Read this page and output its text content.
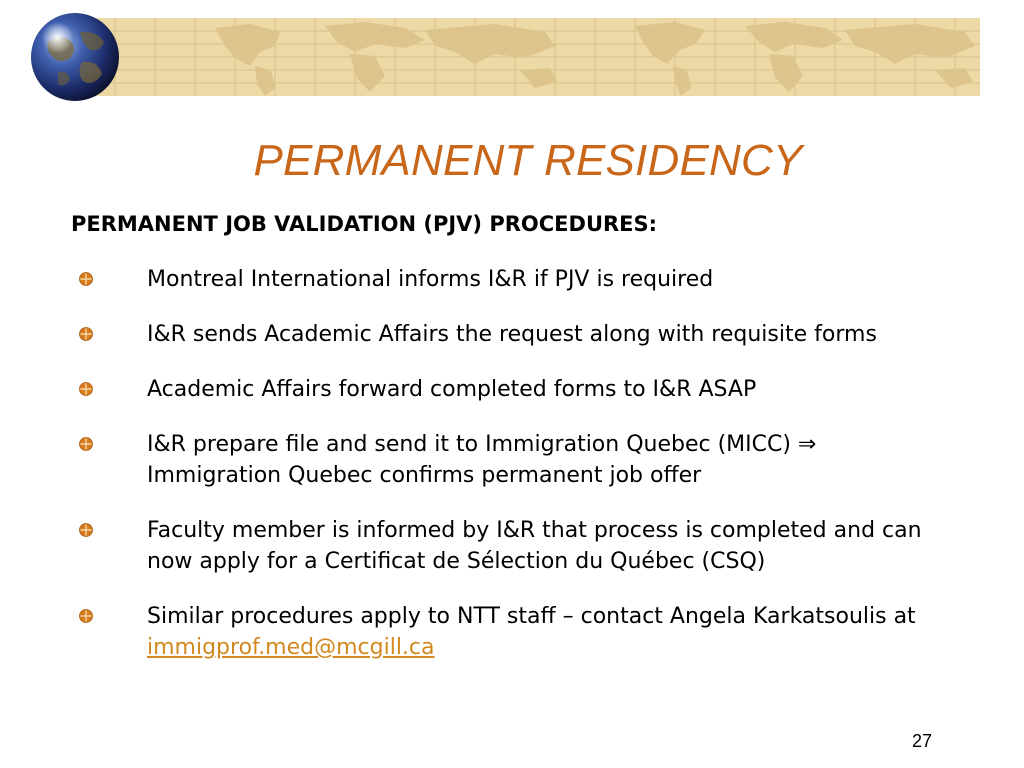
PERMANENT RESIDENCY
PERMANENT JOB VALIDATION (PJV) PROCEDURES:
Montreal International informs I&R if PJV is required
I&R sends Academic Affairs the request along with requisite forms
Academic Affairs forward completed forms to I&R ASAP
I&R prepare file and send it to Immigration Quebec (MICC) ⇒ Immigration Quebec confirms permanent job offer
Faculty member is informed by I&R that process is completed and can now apply for a Certificat de Sélection du Québec (CSQ)
Similar procedures apply to NTT staff – contact Angela Karkatsoulis at immigprof.med@mcgill.ca
27
